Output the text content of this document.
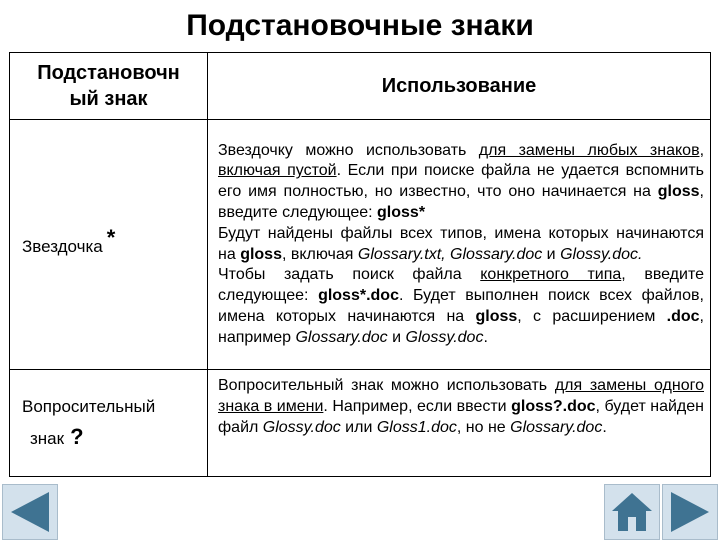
Подстановочные знаки
Подстановочн
ый знак	Использование
Звездочка *	Звездочку можно использовать для замены любых знаков, включая пустой. Если при поиске файла не удается вспомнить его имя полностью, но известно, что оно начинается на gloss, введите следующее: gloss*
Будут найдены файлы всех типов, имена которых начинаются на gloss, включая Glossary.txt, Glossary.doc и Glossy.doc.
Чтобы задать поиск файла конкретного типа, введите следующее: gloss*.doc. Будет выполнен поиск всех файлов, имена которых начинаются на gloss, с расширением .doc, например Glossary.doc и Glossy.doc.

Вопросительный
знак ?	Вопросительный знак можно использовать для замены одного знака в имени. Например, если ввести gloss?.doc, будет найден файл Glossy.doc или Gloss1.doc, но не Glossary.doc.
